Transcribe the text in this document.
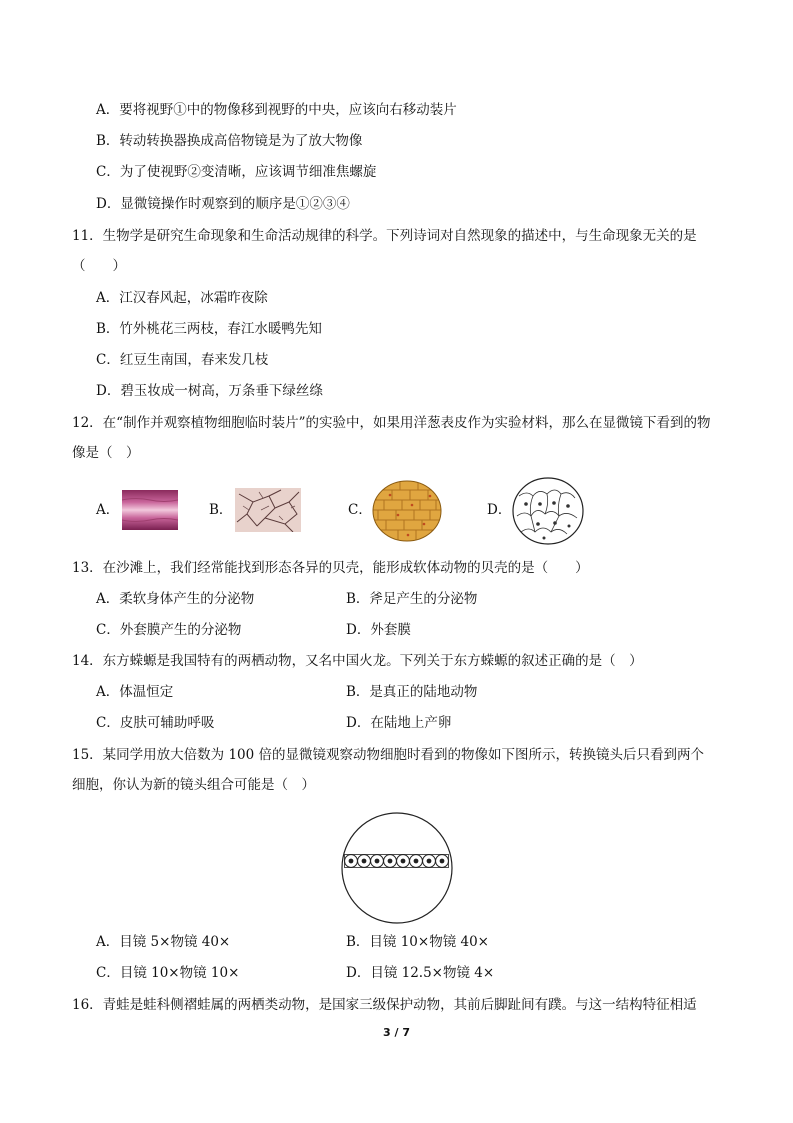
A．要将视野①中的物像移到视野的中央，应该向右移动装片
B．转动转换器换成高倍物镜是为了放大物像
C．为了使视野②变清晰，应该调节细准焦螺旋
D．显微镜操作时观察到的顺序是①②③④
11．生物学是研究生命现象和生命活动规律的科学。下列诗词对自然现象的描述中，与生命现象无关的是
（　　）
A．江汉春风起，冰霜昨夜除
B．竹外桃花三两枝，春江水暖鸭先知
C．红豆生南国，春来发几枝
D．碧玉妆成一树高，万条垂下绿丝绦
12．在“制作并观察植物细胞临时装片”的实验中，如果用洋葱表皮作为实验材料，那么在显微镜下看到的物
像是（　）
A．	B．	C．	D．
13．在沙滩上，我们经常能找到形态各异的贝壳，能形成软体动物的贝壳的是（　　）
A．柔软身体产生的分泌物	B．斧足产生的分泌物
C．外套膜产生的分泌物	D．外套膜
14．东方蝾螈是我国特有的两栖动物，又名中国火龙。下列关于东方蝾螈的叙述正确的是（　）
A．体温恒定	B．是真正的陆地动物
C．皮肤可辅助呼吸	D．在陆地上产卵
15．某同学用放大倍数为 100 倍的显微镜观察动物细胞时看到的物像如下图所示，转换镜头后只看到两个
细胞，你认为新的镜头组合可能是（　）
A．目镜 5×物镜 40×	B．目镜 10×物镜 40×
C．目镜 10×物镜 10×	D．目镜 12.5×物镜 4×
16．青蛙是蛙科侧褶蛙属的两栖类动物，是国家三级保护动物，其前后脚趾间有蹼。与这一结构特征相适
3 / 7
